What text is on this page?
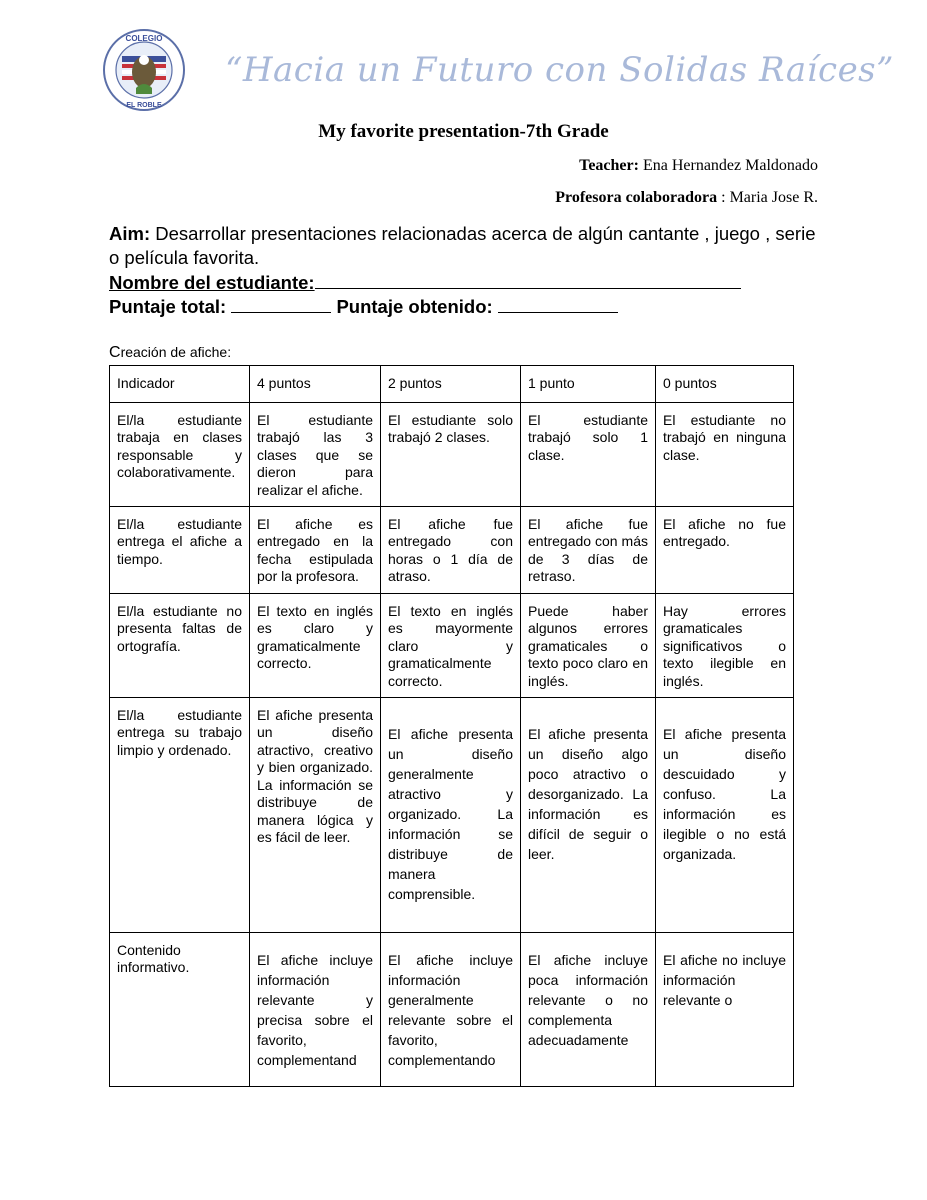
COLEGIO
EL ROBLE
“Hacia un Futuro con Solidas Raíces”
My favorite presentation-7th Grade
Teacher: Ena Hernandez Maldonado
Profesora colaboradora : Maria Jose R.
Aim: Desarrollar presentaciones relacionadas acerca de algún cantante , juego , serie o película favorita.
Nombre del estudiante:
Puntaje total:	Puntaje obtenido:
Creación de afiche:
Indicador	4 puntos	2 puntos	1 punto	0 puntos
El/la estudiante trabaja en clases responsable y colaborativamente.	El estudiante trabajó las 3 clases que se dieron para realizar el afiche.	El estudiante solo trabajó 2 clases.	El estudiante trabajó solo 1 clase.	El estudiante no trabajó en ninguna clase.
El/la estudiante entrega el afiche a tiempo.	El afiche es entregado en la fecha estipulada por la profesora.	El afiche fue entregado con horas o 1 día de atraso.	El afiche fue entregado con más de 3 días de retraso.	El afiche no fue entregado.
El/la estudiante no presenta faltas de ortografía.	El texto en inglés es claro y gramaticalmente correcto.	El texto en inglés es mayormente claro y gramaticalmente correcto.	Puede haber algunos errores gramaticales o texto poco claro en inglés.	Hay errores gramaticales significativos o texto ilegible en inglés.
El/la estudiante entrega su trabajo limpio y ordenado.	El afiche presenta un diseño atractivo, creativo y bien organizado. La información se distribuye de manera lógica y es fácil de leer.	El afiche presenta un diseño generalmente atractivo y organizado. La información se distribuye de manera comprensible.	El afiche presenta un diseño algo poco atractivo o desorganizado. La información es difícil de seguir o leer.	El afiche presenta un diseño descuidado y confuso. La información es ilegible o no está organizada.
Contenido informativo.	El afiche incluye información relevante y precisa sobre el favorito, complementand	El afiche incluye información generalmente relevante sobre el favorito, complementando	El afiche incluye poca información relevante o no complementa adecuadamente	El afiche no incluye información relevante o
